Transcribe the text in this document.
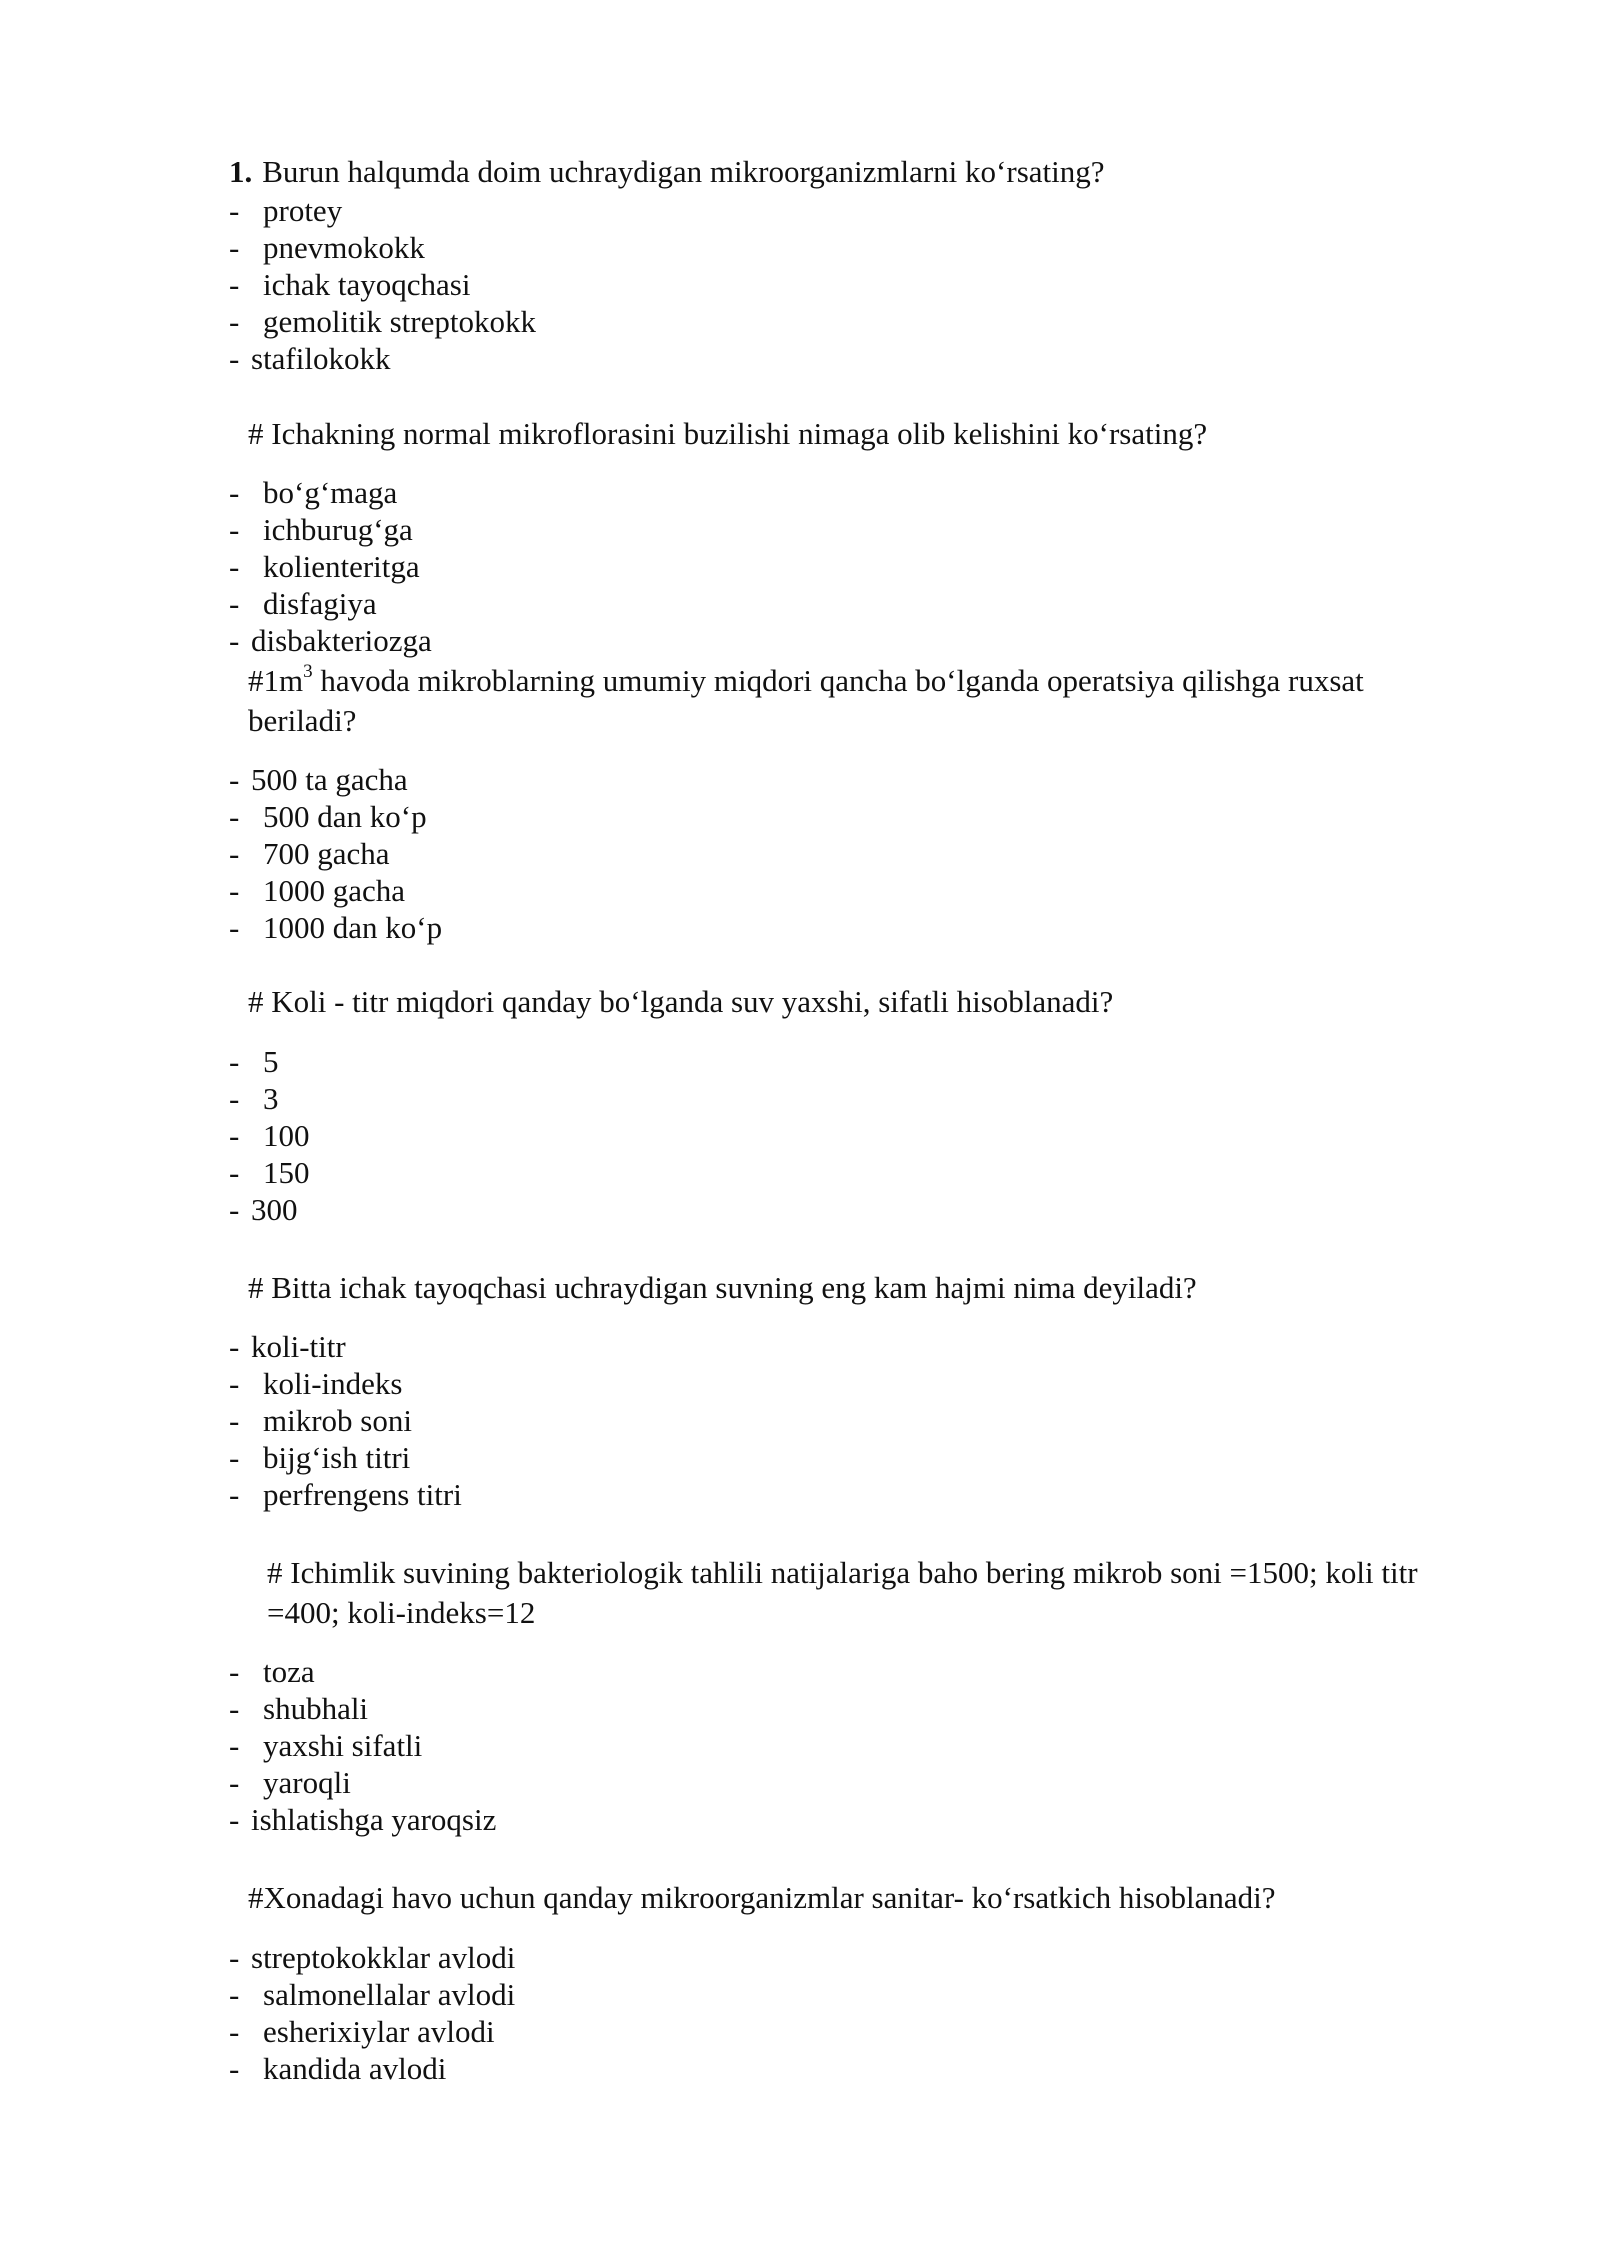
1. Burun halqumda doim uchraydigan mikroorganizmlarni ko‘rsating?
- protey
- pnevmokokk
- ichak tayoqchasi
- gemolitik streptokokk
- stafilokokk
# Ichakning normal mikroflorasini buzilishi nimaga olib kelishini ko‘rsating?
- bo‘g‘maga
- ichburug‘ga
- kolienteritga
- disfagiya
- disbakteriozga
$\#1m^3$ havoda mikroblarning umumiy miqdori qancha bo‘lganda operatsiya qilishga ruxsat
beriladi?
- 500 ta gacha
- 500 dan ko‘p
- 700 gacha
- 1000 gacha
- 1000 dan ko‘p
# Koli - titr miqdori qanday bo‘lganda suv yaxshi, sifatli hisoblanadi?
- 5
- 3
- 100
- 150
- 300
# Bitta ichak tayoqchasi uchraydigan suvning eng kam hajmi nima deyiladi?
- koli-titr
- koli-indeks
- mikrob soni
- bijg‘ish titri
- perfrengens titri
# Ichimlik suvining bakteriologik tahlili natijalariga baho bering mikrob soni =1500; koli titr
=400; koli-indeks=12
- toza
- shubhali
- yaxshi sifatli
- yaroqli
- ishlatishga yaroqsiz
#Xonadagi havo uchun qanday mikroorganizmlar sanitar- ko‘rsatkich hisoblanadi?
- streptokokklar avlodi
- salmonellalar avlodi
- esherixiylar avlodi
- kandida avlodi
